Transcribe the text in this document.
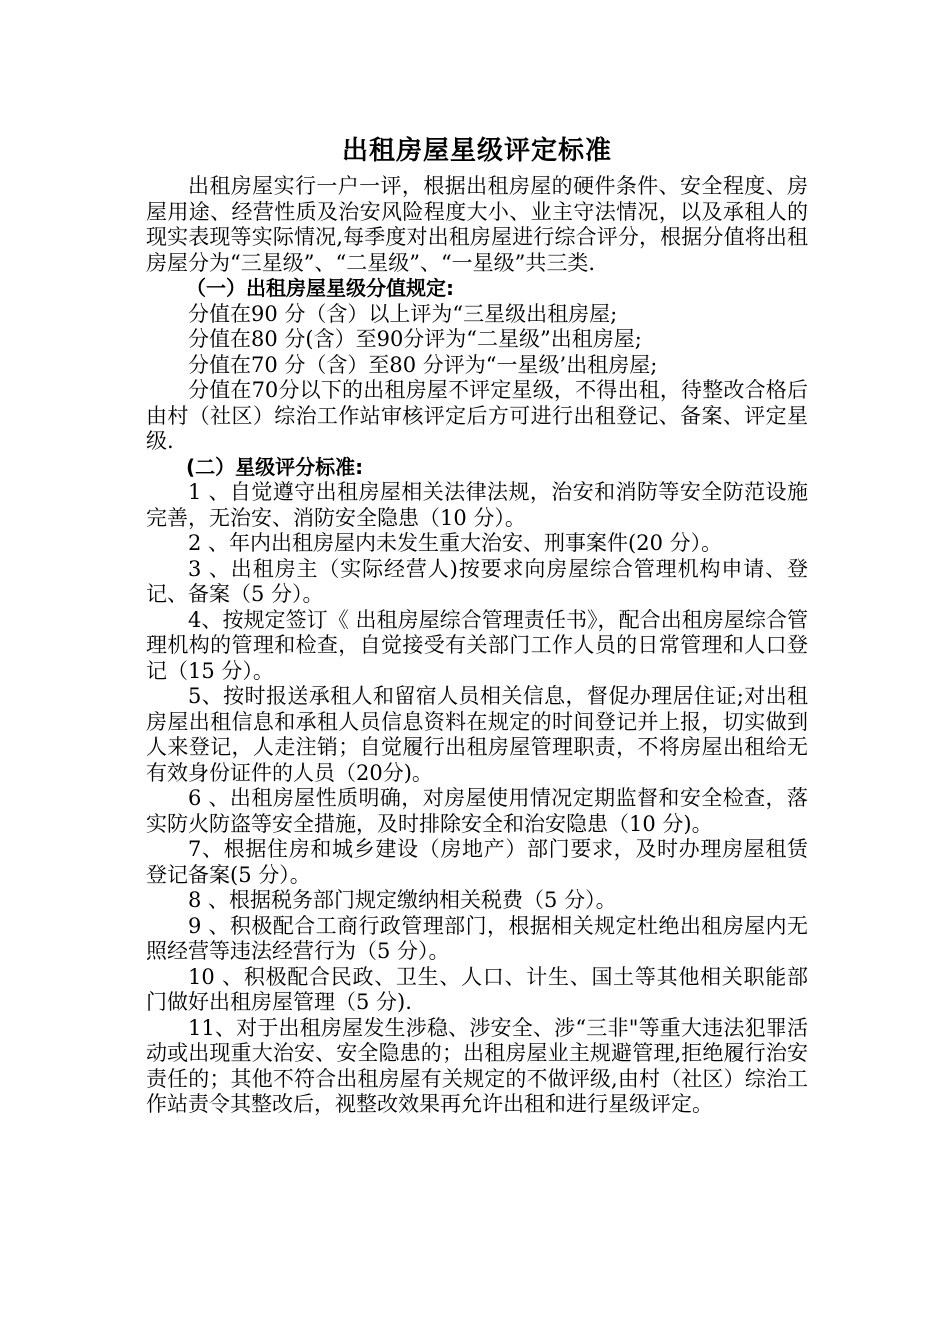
出租房屋星级评定标准

出租房屋实行一户一评，根据出租房屋的硬件条件、安全程度、房屋用途、经营性质及治安风险程度大小、业主守法情况，以及承租人的现实表现等实际情况,每季度对出租房屋进行综合评分，根据分值将出租房屋分为“三星级”、“二星级”、“一星级”共三类.

（一）出租房屋星级分值规定:

分值在90 分（含）以上评为“三星级出租房屋;

分值在80 分(含）至90分评为“二星级”出租房屋;

分值在70 分（含）至80 分评为“一星级’出租房屋;

分值在70分以下的出租房屋不评定星级，不得出租，待整改合格后由村（社区）综治工作站审核评定后方可进行出租登记、备案、评定星级.

(二）星级评分标准:

1 、自觉遵守出租房屋相关法律法规，治安和消防等安全防范设施完善，无治安、消防安全隐患（10 分）。

2 、年内出租房屋内未发生重大治安、刑事案件(20 分）。

3 、出租房主（实际经营人)按要求向房屋综合管理机构申请、登记、备案（5 分）。

4、按规定签订《 出租房屋综合管理责任书》，配合出租房屋综合管理机构的管理和检查，自觉接受有关部门工作人员的日常管理和人口登记（15 分）。

5、按时报送承租人和留宿人员相关信息，督促办理居住证;对出租房屋出租信息和承租人员信息资料在规定的时间登记并上报，切实做到人来登记，人走注销；自觉履行出租房屋管理职责，不将房屋出租给无有效身份证件的人员（20分)。

6 、出租房屋性质明确，对房屋使用情况定期监督和安全检查，落实防火防盗等安全措施，及时排除安全和治安隐患（10 分)。

7、根据住房和城乡建设（房地产）部门要求，及时办理房屋租赁登记备案(5 分）。

8 、根据税务部门规定缴纳相关税费（5 分）。

9 、积极配合工商行政管理部门，根据相关规定杜绝出租房屋内无照经营等违法经营行为（5 分）。

10 、积极配合民政、卫生、人口、计生、国土等其他相关职能部门做好出租房屋管理（5 分).

11、对于出租房屋发生涉稳、涉安全、涉“三非"等重大违法犯罪活动或出现重大治安、安全隐患的；出租房屋业主规避管理,拒绝履行治安责任的；其他不符合出租房屋有关规定的不做评级,由村（社区）综治工作站责令其整改后，视整改效果再允许出租和进行星级评定。
